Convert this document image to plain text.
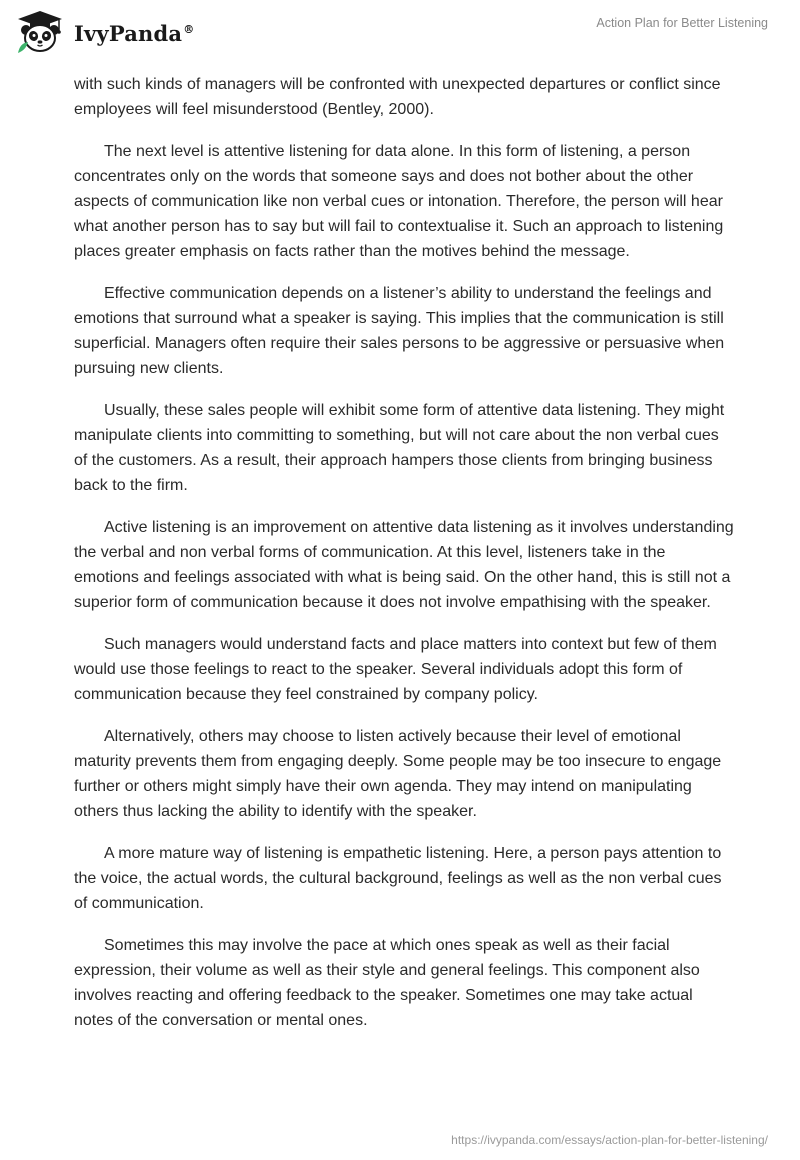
IvyPanda®	Action Plan for Better Listening

with such kinds of managers will be confronted with unexpected departures or conflict since employees will feel misunderstood (Bentley, 2000).

The next level is attentive listening for data alone. In this form of listening, a person concentrates only on the words that someone says and does not bother about the other aspects of communication like non verbal cues or intonation. Therefore, the person will hear what another person has to say but will fail to contextualise it. Such an approach to listening places greater emphasis on facts rather than the motives behind the message.

Effective communication depends on a listener’s ability to understand the feelings and emotions that surround what a speaker is saying. This implies that the communication is still superficial. Managers often require their sales persons to be aggressive or persuasive when pursuing new clients.

Usually, these sales people will exhibit some form of attentive data listening. They might manipulate clients into committing to something, but will not care about the non verbal cues of the customers. As a result, their approach hampers those clients from bringing business back to the firm.

Active listening is an improvement on attentive data listening as it involves understanding the verbal and non verbal forms of communication. At this level, listeners take in the emotions and feelings associated with what is being said. On the other hand, this is still not a superior form of communication because it does not involve empathising with the speaker.

Such managers would understand facts and place matters into context but few of them would use those feelings to react to the speaker. Several individuals adopt this form of communication because they feel constrained by company policy.

Alternatively, others may choose to listen actively because their level of emotional maturity prevents them from engaging deeply. Some people may be too insecure to engage further or others might simply have their own agenda. They may intend on manipulating others thus lacking the ability to identify with the speaker.

A more mature way of listening is empathetic listening. Here, a person pays attention to the voice, the actual words, the cultural background, feelings as well as the non verbal cues of communication.

Sometimes this may involve the pace at which ones speak as well as their facial expression, their volume as well as their style and general feelings. This component also involves reacting and offering feedback to the speaker. Sometimes one may take actual notes of the conversation or mental ones.

https://ivypanda.com/essays/action-plan-for-better-listening/
